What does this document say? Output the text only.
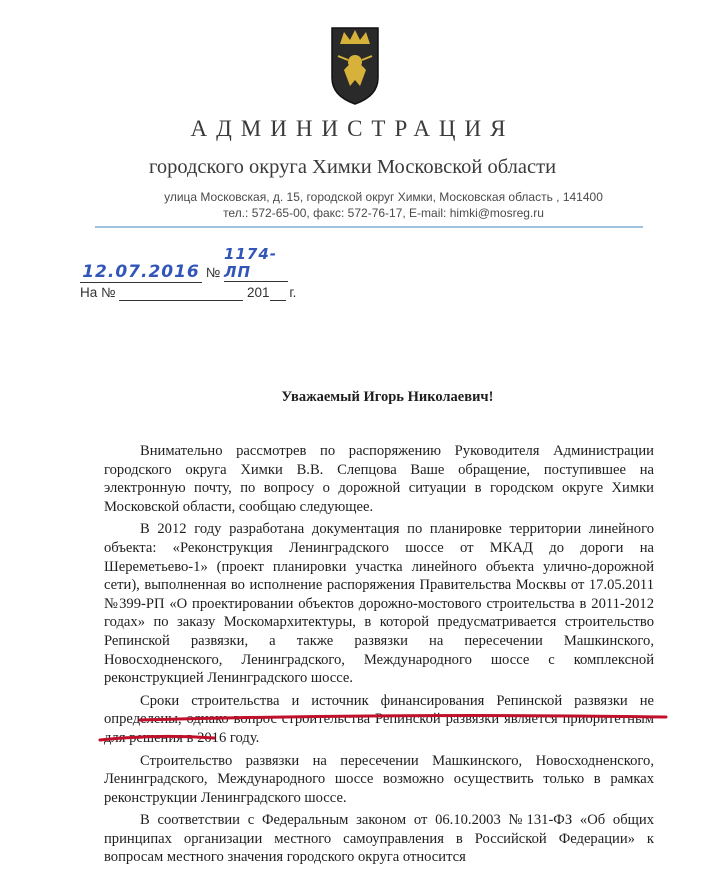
АДМИНИСТРАЦИЯ
городского округа Химки Московской области
улица Московская, д. 15, городской округ Химки, Московская область , 141400
тел.: 572-65-00, факс: 572-76-17, E-mail: himki@mosreg.ru
12.07.2016 № 1174-ЛП
На №	201 г.
Уважаемый Игорь Николаевич!

Внимательно рассмотрев по распоряжению Руководителя Администрации городского округа Химки В.В. Слепцова Ваше обращение, поступившее на электронную почту, по вопросу о дорожной ситуации в городском округе Химки Московской области, сообщаю следующее.

В 2012 году разработана документация по планировке территории линейного объекта: «Реконструкция Ленинградского шоссе от МКАД до дороги на Шереметьево-1» (проект планировки участка линейного объекта улично-дорожной сети), выполненная во исполнение распоряжения Правительства Москвы от 17.05.2011 №399-РП «О проектировании объектов дорожно-мостового строительства в 2011-2012 годах» по заказу Москомархитектуры, в которой предусматривается строительство Репинской развязки, а также развязки на пересечении Машкинского, Новосходненского, Ленинградского, Международного шоссе с комплексной реконструкцией Ленинградского шоссе.

Сроки строительства и источник финансирования Репинской развязки не определены, однако вопрос строительства Репинской развязки является приоритетным для решения в 2016 году.

Строительство развязки на пересечении Машкинского, Новосходненского, Ленинградского, Международного шоссе возможно осуществить только в рамках реконструкции Ленинградского шоссе.

В соответствии с Федеральным законом от 06.10.2003 №131-ФЗ «Об общих принципах организации местного самоуправления в Российской Федерации» к вопросам местного значения городского округа относится
